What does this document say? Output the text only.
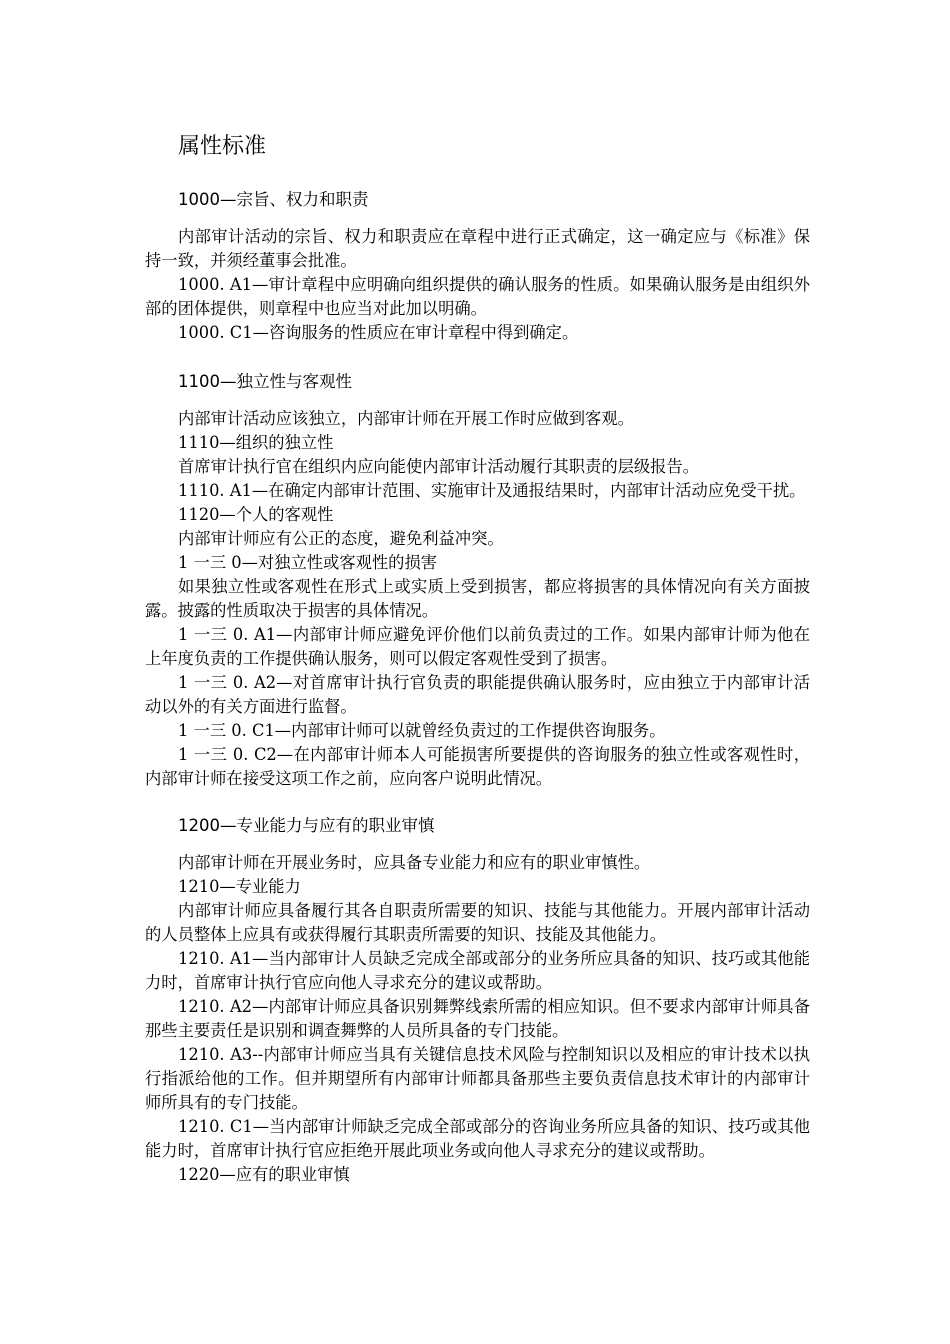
属性标准
1000—宗旨、权力和职责

内部审计活动的宗旨、权力和职责应在章程中进行正式确定，这一确定应与《标准》保持一致，并须经董事会批准。

1000. A1—审计章程中应明确向组织提供的确认服务的性质。如果确认服务是由组织外部的团体提供，则章程中也应当对此加以明确。

1000. C1—咨询服务的性质应在审计章程中得到确定。

1100—独立性与客观性

内部审计活动应该独立，内部审计师在开展工作时应做到客观。

1110—组织的独立性

首席审计执行官在组织内应向能使内部审计活动履行其职责的层级报告。

1110. A1—在确定内部审计范围、实施审计及通报结果时，内部审计活动应免受干扰。

1120—个人的客观性

内部审计师应有公正的态度，避免利益冲突。

1 一三 0—对独立性或客观性的损害

如果独立性或客观性在形式上或实质上受到损害，都应将损害的具体情况向有关方面披露。披露的性质取决于损害的具体情况。

1 一三 0. A1—内部审计师应避免评价他们以前负责过的工作。如果内部审计师为他在上年度负责的工作提供确认服务，则可以假定客观性受到了损害。

1 一三 0. A2—对首席审计执行官负责的职能提供确认服务时，应由独立于内部审计活动以外的有关方面进行监督。

1 一三 0. C1—内部审计师可以就曾经负责过的工作提供咨询服务。

1 一三 0. C2—在内部审计师本人可能损害所要提供的咨询服务的独立性或客观性时，内部审计师在接受这项工作之前，应向客户说明此情况。

1200—专业能力与应有的职业审慎

内部审计师在开展业务时，应具备专业能力和应有的职业审慎性。

1210—专业能力

内部审计师应具备履行其各自职责所需要的知识、技能与其他能力。开展内部审计活动的人员整体上应具有或获得履行其职责所需要的知识、技能及其他能力。

1210. A1—当内部审计人员缺乏完成全部或部分的业务所应具备的知识、技巧或其他能力时，首席审计执行官应向他人寻求充分的建议或帮助。

1210. A2—内部审计师应具备识别舞弊线索所需的相应知识。但不要求内部审计师具备那些主要责任是识别和调查舞弊的人员所具备的专门技能。

1210. A3--内部审计师应当具有关键信息技术风险与控制知识以及相应的审计技术以执行指派给他的工作。但并期望所有内部审计师都具备那些主要负责信息技术审计的内部审计师所具有的专门技能。

1210. C1—当内部审计师缺乏完成全部或部分的咨询业务所应具备的知识、技巧或其他能力时，首席审计执行官应拒绝开展此项业务或向他人寻求充分的建议或帮助。

1220—应有的职业审慎
